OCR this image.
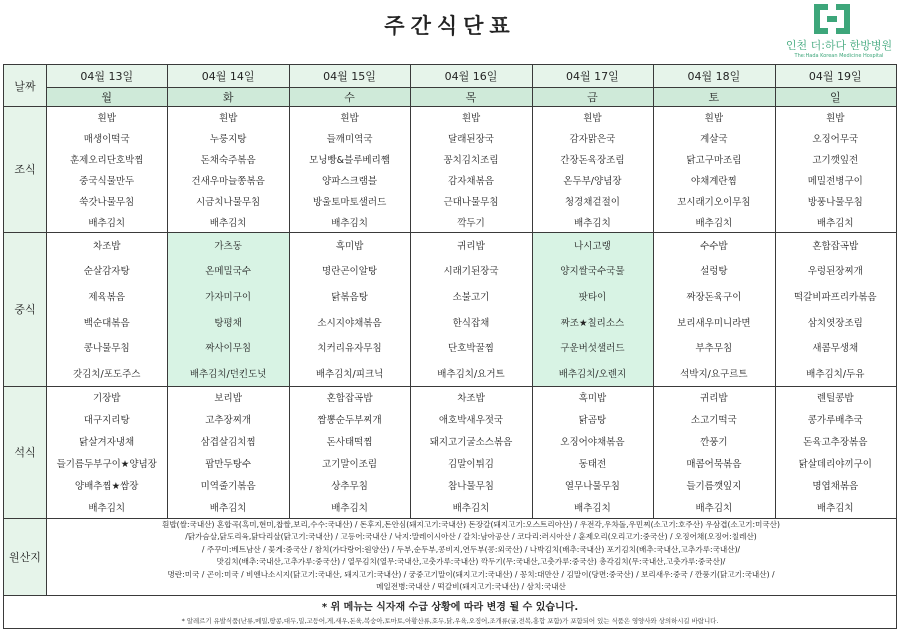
주간식단표
인천 더:하다 한방병원
The:Hada Korean Medicine Hospital
날짜
조식
중식
석식
원산지
04월 13일
월
흰밥
매생이떡국
훈제오리단호박찜
중국식물만두
쑥갓나물무침
배추김치
차조밥
순살감자탕
제육볶음
백순대볶음
콩나물무침
갓김치/포도주스
기장밥
대구지리탕
닭살겨자냉채
들기름두부구이★양념장
양배추찜★쌈장
배추김치
04월 14일
화
흰밥
누룽지탕
돈채숙주볶음
건새우마늘쫑볶음
시금치나물무침
배추김치
가츠동
온메밀국수
가자미구이
탕평채
짜사이무침
배추김치/던킨도넛
보리밥
고추장찌개
삼겹살김치찜
팝만두탕수
미역줄기볶음
배추김치
04월 15일
수
흰밥
들깨미역국
모닝빵&블루베리쨈
양파스크램블
방울토마토샐러드
배추김치
흑미밥
명란곤이알탕
닭볶음탕
소시지야채볶음
치커리유자무침
배추김치/피크닉
혼합잡곡밥
짬뽕순두부찌개
돈사태떡찜
고기말이조림
상추무침
배추김치
04월 16일
목
흰밥
달래된장국
꽁치김치조림
감자채볶음
근대나물무침
깍두기
귀리밥
시래기된장국
소불고기
한식잡채
단호박꿀찜
배추김치/요거트
차조밥
애호박새우젓국
돼지고기굴소스볶음
김말이튀김
참나물무침
배추김치
04월 17일
금
흰밥
감자맑은국
간장돈육장조림
온두부/양념장
청경채겉절이
배추김치
나시고랭
양지쌀국수국물
팟타이
짜조★칠리소스
구운버섯샐러드
배추김치/오렌지
흑미밥
닭곰탕
오징어야채볶음
동태전
열무나물무침
배추김치
04월 18일
토
흰밥
계살국
닭고구마조림
야채계란찜
꼬시래기오이무침
배추김치
수수밥
설렁탕
짜장돈육구이
보리새우미니라면
부추무침
석박지/요구르트
귀리밥
소고기떡국
깐풍기
매콤어묵볶음
들기름깻잎지
배추김치
04월 19일
일
흰밥
오징어무국
고기깻잎전
메밀전병구이
방풍나물무침
배추김치
혼합잡곡밥
우렁된장찌개
떡갈비파프리카볶음
삼치엿장조림
새콤무생채
배추김치/두유
렌틸콩밥
콩가루배추국
돈육고추장볶음
닭살데리야끼구이
명엽채볶음
배추김치
흰밥(쌀:국내산) 혼합곡(흑미,현미,찹쌀,보리,수수:국내산) / 돈후지,돈안심(돼지고기:국내산) 돈장갈(돼지고기:오스트리아산) / 우전각,우차돌,우민찌(소고기:호주산) 우삼겹(소고기:미국산)
/닭가슴살,닭도리육,닭다리살(닭고기:국내산) / 고등어:국내산 / 낙지:말레이시아산 / 갈치:남아공산 / 코다리:러시아산 / 훈제오리(오리고기:중국산) / 오징어채(오징어:칠레산)
/ 주꾸미:베트남산 / 꽃게:중국산 / 참치(가다랑어:원양산) / 두부,순두부,콩비지,연두부(콩:외국산) / 나박김치(배추:국내산) 포기김치(배추:국내산,고추가루:국내산)/
맛김치(배추:국내산,고추가루:중국산) / 열무김치(열무:국내산,고춧가루:국내산) 깍두기(무:국내산,고춧가루:중국산) 총각김치(무:국내산,고춧가루:중국산)/
명란:미국 / 곤이:미국 / 비엔나소시지(닭고기:국내산, 돼지고기:국내산) / 궁중고기말이(돼지고기:국내산) / 꽁치:대만산 / 김말이(당면:중국산) / 보리새우:중국 / 깐풍기(닭고기:국내산) /
메일전병:국내산 / 떡갈비(돼지고기:국내산) / 삼치:국내산
* 위 메뉴는 식자재 수급 상황에 따라 변경 될 수 있습니다.
* 알레르기 유발식품(난류,메밀,땅콩,대두,밀,고등어,게,새우,돈육,복숭아,토마토,아황산류,호두,닭,우육,오징어,조개류(굴,전복,홍합 포함)가 포함되어 있는 식품은 영양사와 상의하시길 바랍니다.
